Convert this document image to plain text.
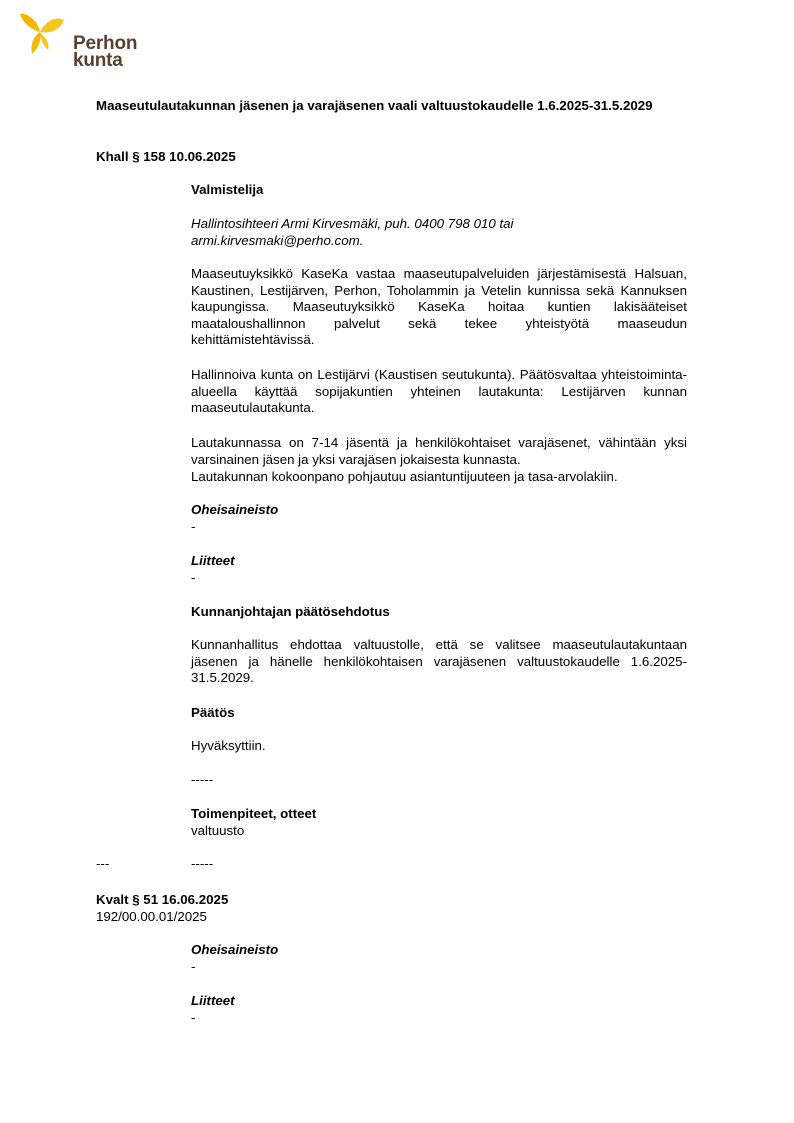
Perhon kunta

Maaseutulautakunnan jäsenen ja varajäsenen vaali valtuustokaudelle 1.6.2025-31.5.2029

Khall § 158 10.06.2025

Valmistelija

Hallintosihteeri Armi Kirvesmäki, puh. 0400 798 010 tai armi.kirvesmaki@perho.com.

Maaseutuyksikkö KaseKa vastaa maaseutupalveluiden järjestämisestä Halsuan, Kaustinen, Lestijärven, Perhon, Toholammin ja Vetelin kunnissa sekä Kannuksen kaupungissa. Maaseutuyksikkö KaseKa hoitaa kuntien lakisääteiset maataloushallinnon palvelut sekä tekee yhteistyötä maaseudun kehittämistehtävissä.

Hallinnoiva kunta on Lestijärvi (Kaustisen seutukunta). Päätösvaltaa yhteistoiminta-alueella käyttää sopijakuntien yhteinen lautakunta: Lestijärven kunnan maaseutulautakunta.

Lautakunnassa on 7-14 jäsentä ja henkilökohtaiset varajäsenet, vähintään yksi varsinainen jäsen ja yksi varajäsen jokaisesta kunnasta.

Lautakunnan kokoonpano pohjautuu asiantuntijuuteen ja tasa-arvolakiin.

Oheisaineisto

-

Liitteet

-

Kunnanjohtajan päätösehdotus

Kunnanhallitus ehdottaa valtuustolle, että se valitsee maaseutulautakuntaan jäsenen ja hänelle henkilökohtaisen varajäsenen valtuustokaudelle 1.6.2025-31.5.2029.

Päätös

Hyväksyttiin.

-----

Toimenpiteet, otteet

valtuusto

---	-----

Kvalt § 51 16.06.2025

192/00.00.01/2025

Oheisaineisto

-

Liitteet

-
